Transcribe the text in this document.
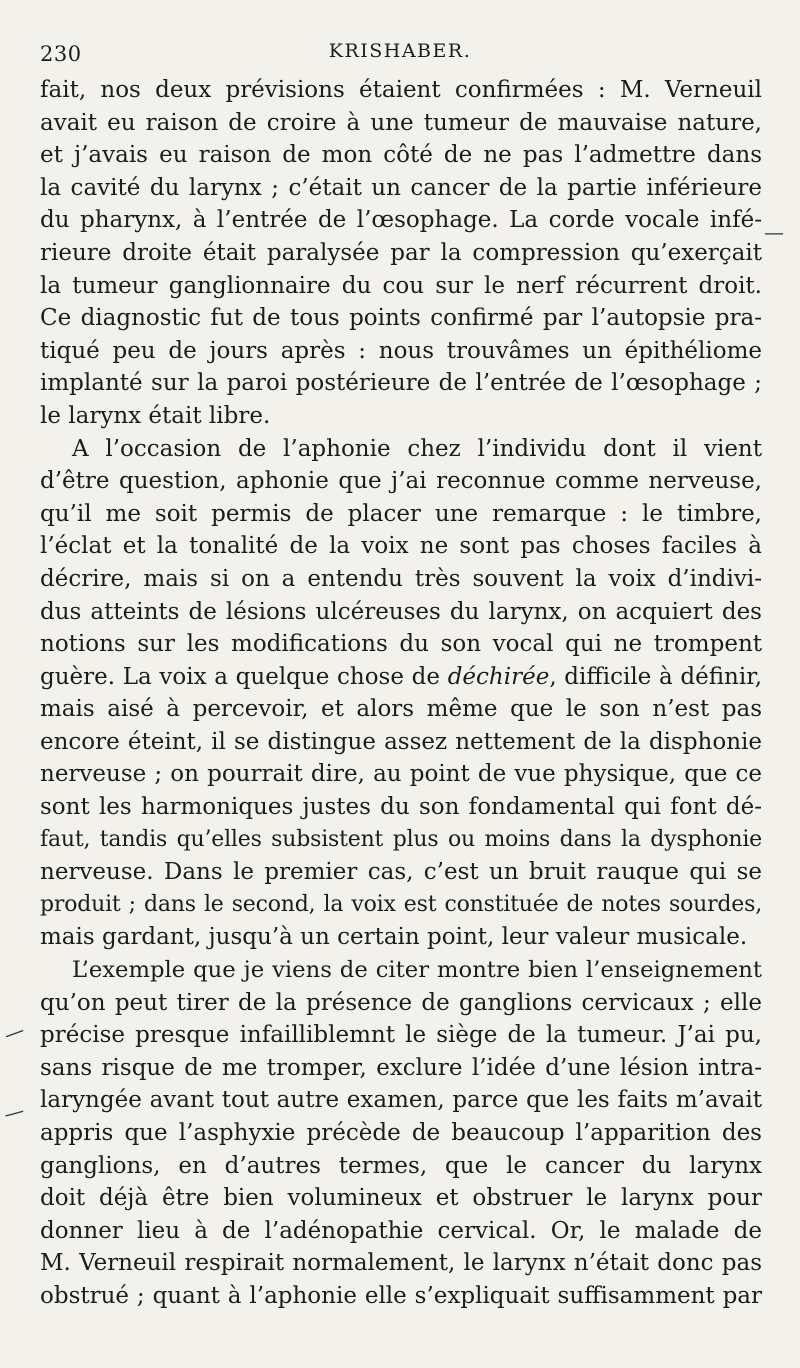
230	KRISHABER.
fait, nos deux prévisions étaient confirmées : M. Verneuil
avait eu raison de croire à une tumeur de mauvaise nature,
et j’avais eu raison de mon côté de ne pas l’admettre dans
la cavité du larynx ; c’était un cancer de la partie inférieure
du pharynx, à l’entrée de l’œsophage. La corde vocale infé-
rieure droite était paralysée par la compression qu’exerçait
la tumeur ganglionnaire du cou sur le nerf récurrent droit.
Ce diagnostic fut de tous points confirmé par l’autopsie pra-
tiqué peu de jours après : nous trouvâmes un épithéliome
implanté sur la paroi postérieure de l’entrée de l’œsophage ;
le larynx était libre.
A l’occasion de l’aphonie chez l’individu dont il vient
d’être question, aphonie que j’ai reconnue comme nerveuse,
qu’il me soit permis de placer une remarque : le timbre,
l’éclat et la tonalité de la voix ne sont pas choses faciles à
décrire, mais si on a entendu très souvent la voix d’indivi-
dus atteints de lésions ulcéreuses du larynx, on acquiert des
notions sur les modifications du son vocal qui ne trompent
guère. La voix a quelque chose de déchirée, difficile à définir,
mais aisé à percevoir, et alors même que le son n’est pas
encore éteint, il se distingue assez nettement de la disphonie
nerveuse ; on pourrait dire, au point de vue physique, que ce
sont les harmoniques justes du son fondamental qui font dé-
faut, tandis qu’elles subsistent plus ou moins dans la dysphonie
nerveuse. Dans le premier cas, c’est un bruit rauque qui se
produit ; dans le second, la voix est constituée de notes sourdes,
mais gardant, jusqu’à un certain point, leur valeur musicale.
L’exemple que je viens de citer montre bien l’enseignement
qu’on peut tirer de la présence de ganglions cervicaux ; elle
précise presque infailliblemnt le siège de la tumeur. J’ai pu,
sans risque de me tromper, exclure l’idée d’une lésion intra-
laryngée avant tout autre examen, parce que les faits m’avait
appris que l’asphyxie précède de beaucoup l’apparition des
ganglions, en d’autres termes, que le cancer du larynx
doit déjà être bien volumineux et obstruer le larynx pour
donner lieu à de l’adénopathie cervical. Or, le malade de
M. Verneuil respirait normalement, le larynx n’était donc pas
obstrué ; quant à l’aphonie elle s’expliquait suffisamment par
—
—
—
